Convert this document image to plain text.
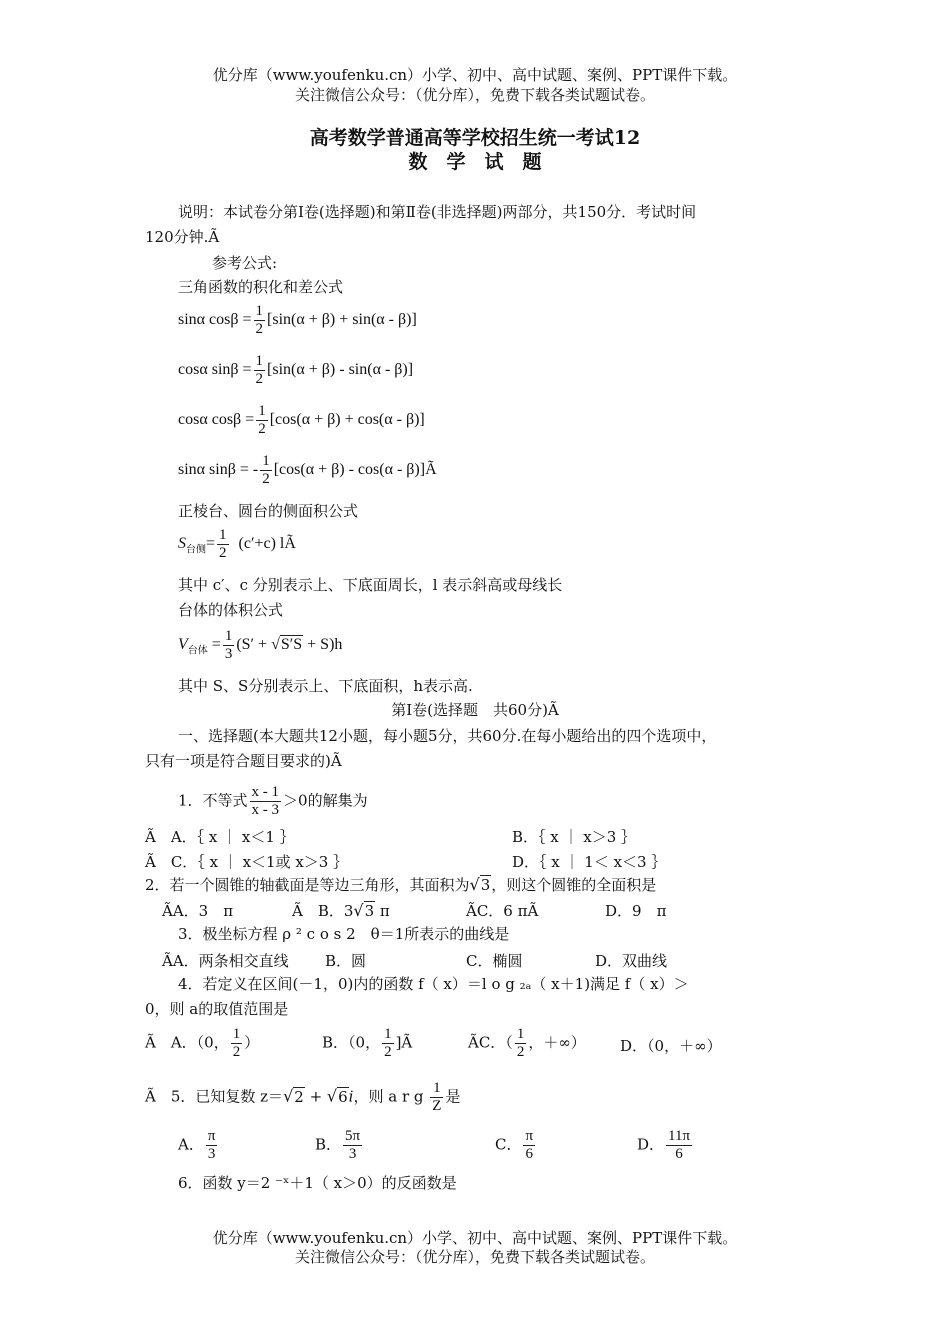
优分库（www.youfenku.cn）小学、初中、高中试题、案例、PPT课件下载。
关注微信公众号：（优分库），免费下载各类试题试卷。
高考数学普通高等学校招生统一考试12
数　学　试　题
说明：本试卷分第Ⅰ卷(选择题)和第Ⅱ卷(非选择题)两部分，共150分．考试时间
120分钟.Ã
参考公式:
三角函数的积化和差公式
sinα $\cos\beta = \frac{1}{2} [\sin(\alpha + \beta) + \sin(\alpha - \beta)]$
cosα $\sin\beta = \frac{1}{2} [\sin(\alpha + \beta) - \sin(\alpha - \beta)]$
cosα $\cos\beta = \frac{1}{2} [\cos(\alpha + \beta) + \cos(\alpha - \beta)]$
sinα sinβ = - $\frac{1}{2} [\cos(\alpha + \beta) - \cos(\alpha$ - β)]Ã
正棱台、圆台的侧面积公式
$S_{台侧}= \frac{1}{2} (c'+c)$ lÃ
其中 c′、c 分别表示上、下底面周长，l 表示斜高或母线长
台体的体积公式
$V_{台体} = \frac{1}{3} (S' + √S'S + S)h$
其中 S、S分别表示上、下底面积，h表示高.
第Ⅰ卷(选择题　共60分)Ã
一、选择题(本大题共12小题，每小题5分，共60分.在每小题给出的四个选项中，
只有一项是符合题目要求的)Ã
1．不等式 $\frac{x - 1}{x - 3} >0$的解集为
Ã　A．｛ x ｜ x＜1 ｝	B．｛ x ｜ x＞3 ｝
Ã　C．｛ x ｜ x＜1或 x＞3 ｝	D．｛ x ｜ 1＜ x＜3 ｝
2．若一个圆锥的轴截面是等边三角形，其面积为√3，则这个圆锥的全面积是
ÃA．3　π	Ã　B．3√3 π	ÃC．6 πÃ	D．9　π
3．极坐标方程 ρ ² c o s 2　θ＝1所表示的曲线是
ÃA．两条相交直线 B．圆	C．椭圆	D．双曲线
4．若定义在区间(－1，0)内的函数 f（ x）＝l o g ₂ₐ（ x＋1)满足 f（ x）＞
0，则 a的取值范围是
Ã　A．（0， $\frac{1}{2}$ ）	B．（0， $\frac{1}{2}$ ]Ã	ÃC．（ $\frac{1}{2}$ ，＋∞） D．（0，＋∞）
Ã　5．已知复数 z＝√2 + √6i，则 a r g $\frac{1}{Z}$ 是
A． $\frac{\pi}{3}$	B． $\frac{5\pi}{3}$	C． $\frac{\pi}{6}$	D． $\frac{11\pi}{6}$
6．函数 y＝2 ⁻ˣ＋1（ x＞0）的反函数是
优分库（www.youfenku.cn）小学、初中、高中试题、案例、PPT课件下载。
关注微信公众号：（优分库），免费下载各类试题试卷。
